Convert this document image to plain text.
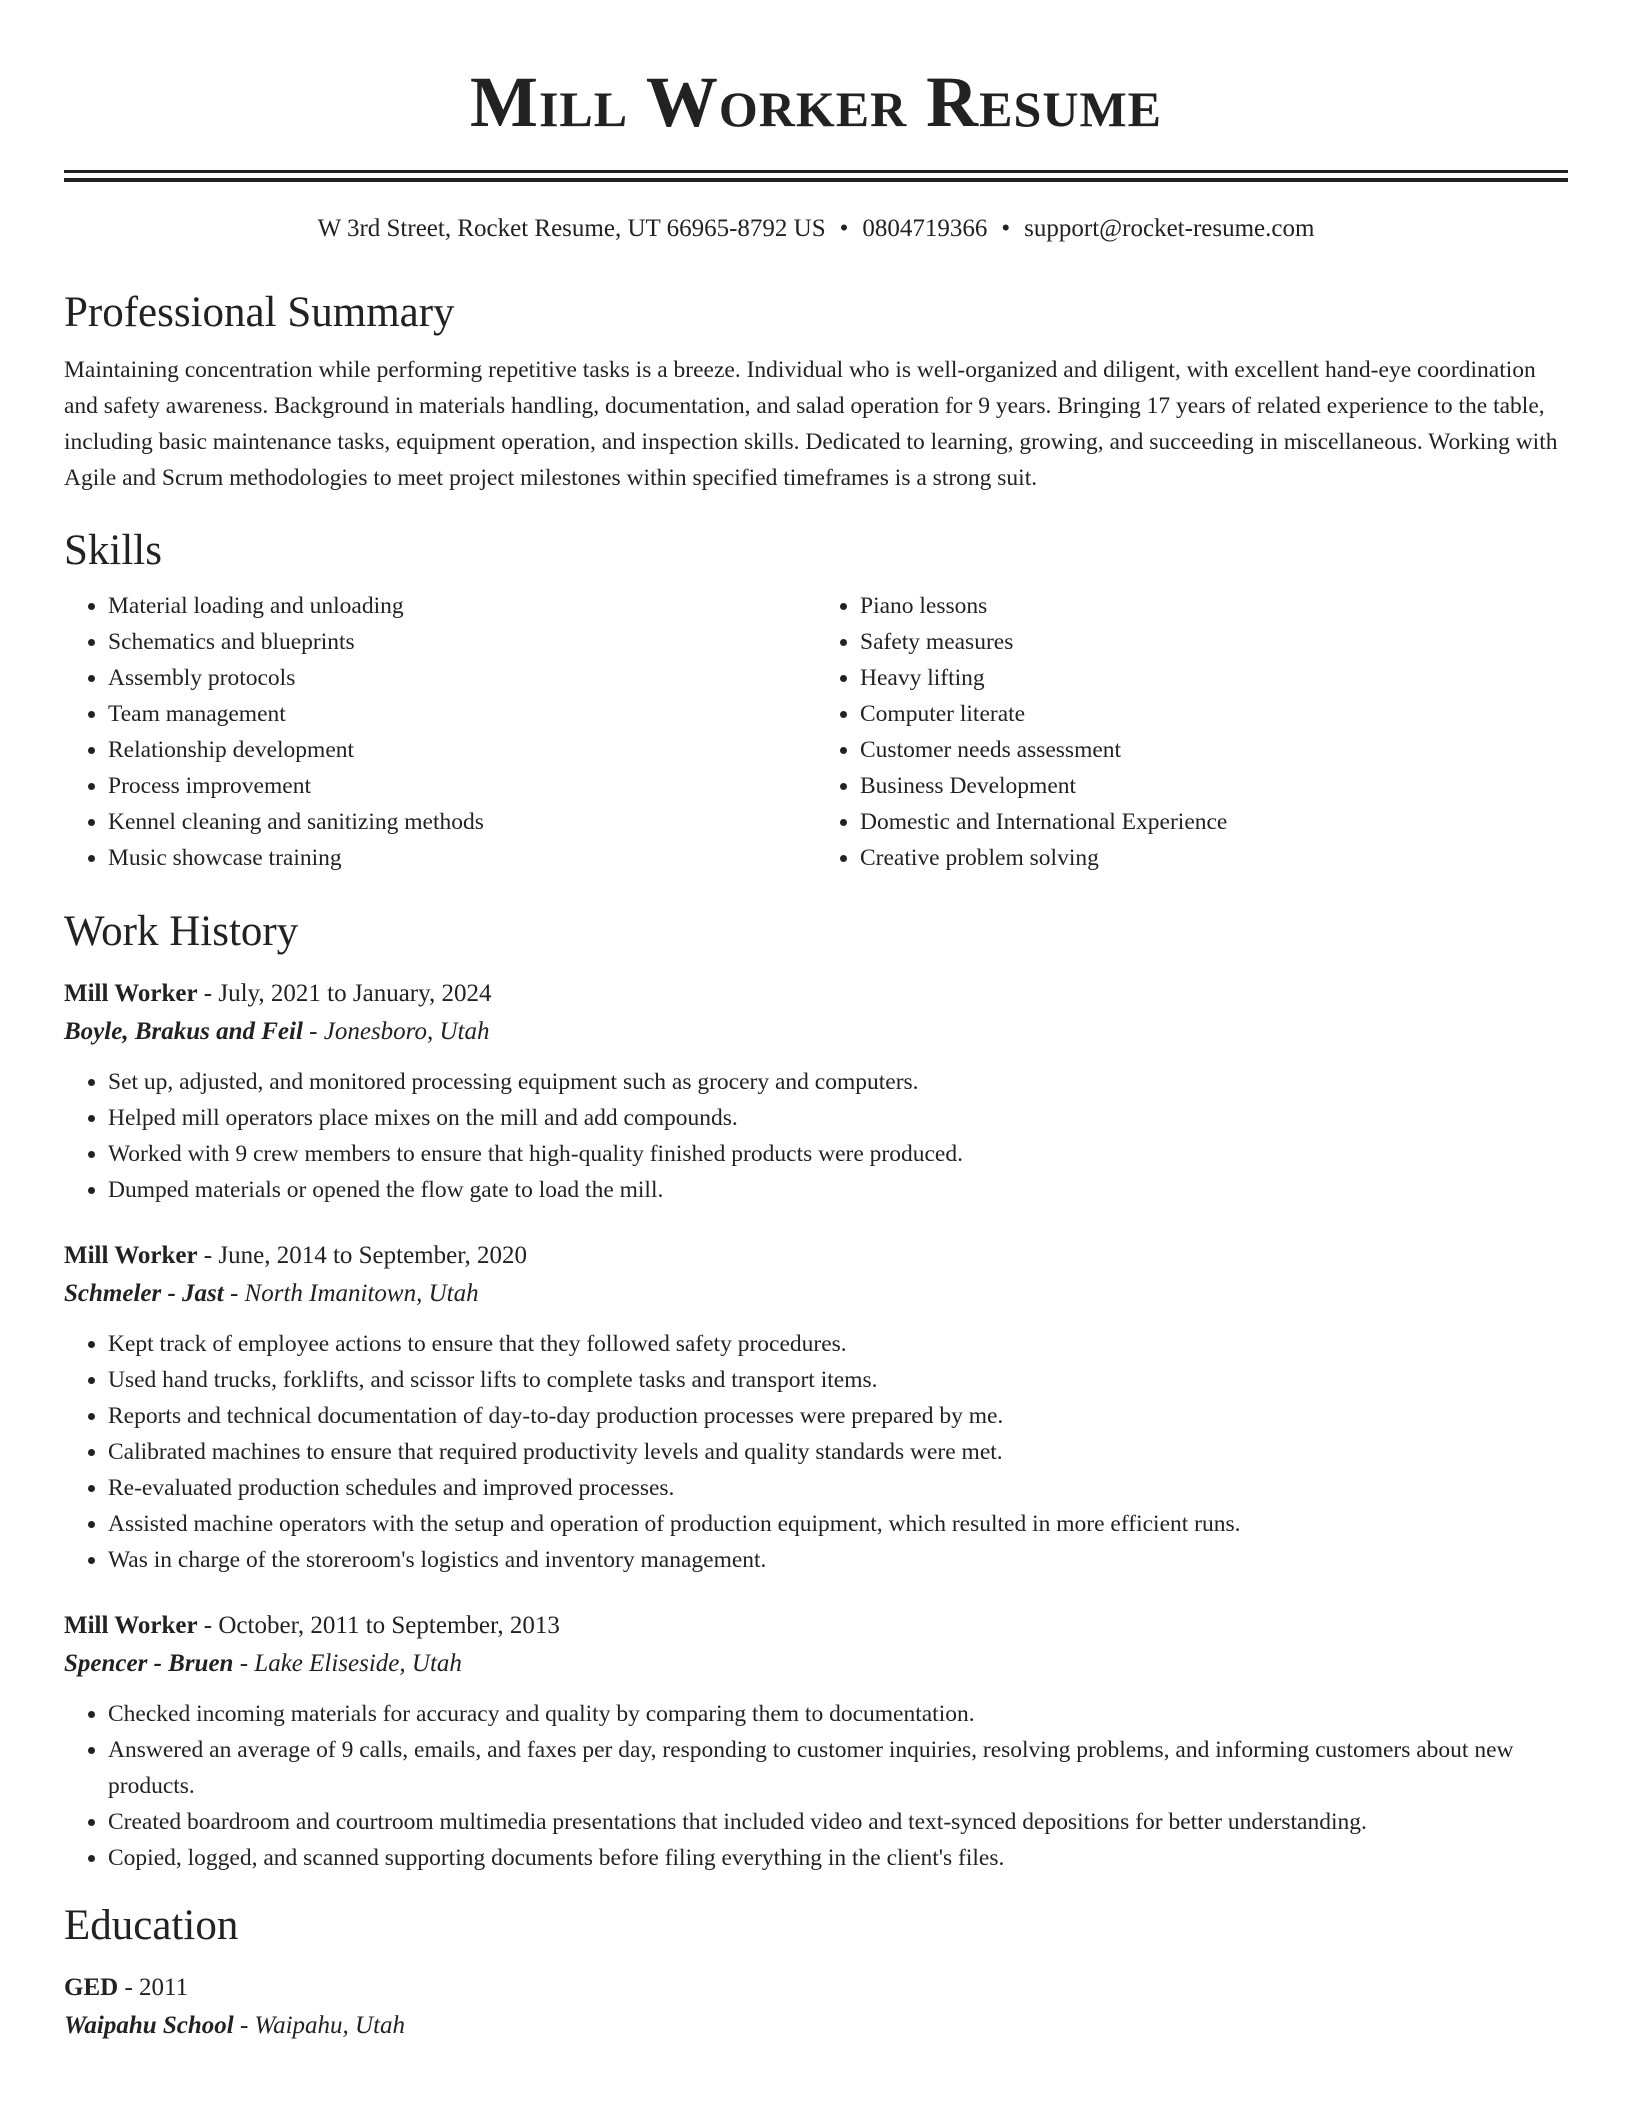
Mill Worker Resume
W 3rd Street, Rocket Resume, UT 66965-8792 US • 0804719366 • support@rocket-resume.com
Professional Summary

Maintaining concentration while performing repetitive tasks is a breeze. Individual who is well-organized and diligent, with excellent hand-eye coordination and safety awareness. Background in materials handling, documentation, and salad operation for 9 years. Bringing 17 years of related experience to the table, including basic maintenance tasks, equipment operation, and inspection skills. Dedicated to learning, growing, and succeeding in miscellaneous. Working with Agile and Scrum methodologies to meet project milestones within specified timeframes is a strong suit.

Skills
• Material loading and unloading
• Schematics and blueprints
• Assembly protocols
• Team management
• Relationship development
• Process improvement
• Kennel cleaning and sanitizing methods
• Music showcase training
• Piano lessons
• Safety measures
• Heavy lifting
• Computer literate
• Customer needs assessment
• Business Development
• Domestic and International Experience
• Creative problem solving
Work History
Mill Worker - July, 2021 to January, 2024
Boyle, Brakus and Feil - Jonesboro, Utah
• Set up, adjusted, and monitored processing equipment such as grocery and computers.
• Helped mill operators place mixes on the mill and add compounds.
• Worked with 9 crew members to ensure that high-quality finished products were produced.
• Dumped materials or opened the flow gate to load the mill.
Mill Worker - June, 2014 to September, 2020
Schmeler - Jast - North Imanitown, Utah
• Kept track of employee actions to ensure that they followed safety procedures.
• Used hand trucks, forklifts, and scissor lifts to complete tasks and transport items.
• Reports and technical documentation of day-to-day production processes were prepared by me.
• Calibrated machines to ensure that required productivity levels and quality standards were met.
• Re-evaluated production schedules and improved processes.
• Assisted machine operators with the setup and operation of production equipment, which resulted in more efficient runs.
• Was in charge of the storeroom's logistics and inventory management.
Mill Worker - October, 2011 to September, 2013
Spencer - Bruen - Lake Eliseside, Utah
• Checked incoming materials for accuracy and quality by comparing them to documentation.
• Answered an average of 9 calls, emails, and faxes per day, responding to customer inquiries, resolving problems, and informing customers about new products.
• Created boardroom and courtroom multimedia presentations that included video and text-synced depositions for better understanding.
• Copied, logged, and scanned supporting documents before filing everything in the client's files.
Education
GED - 2011
Waipahu School - Waipahu, Utah
